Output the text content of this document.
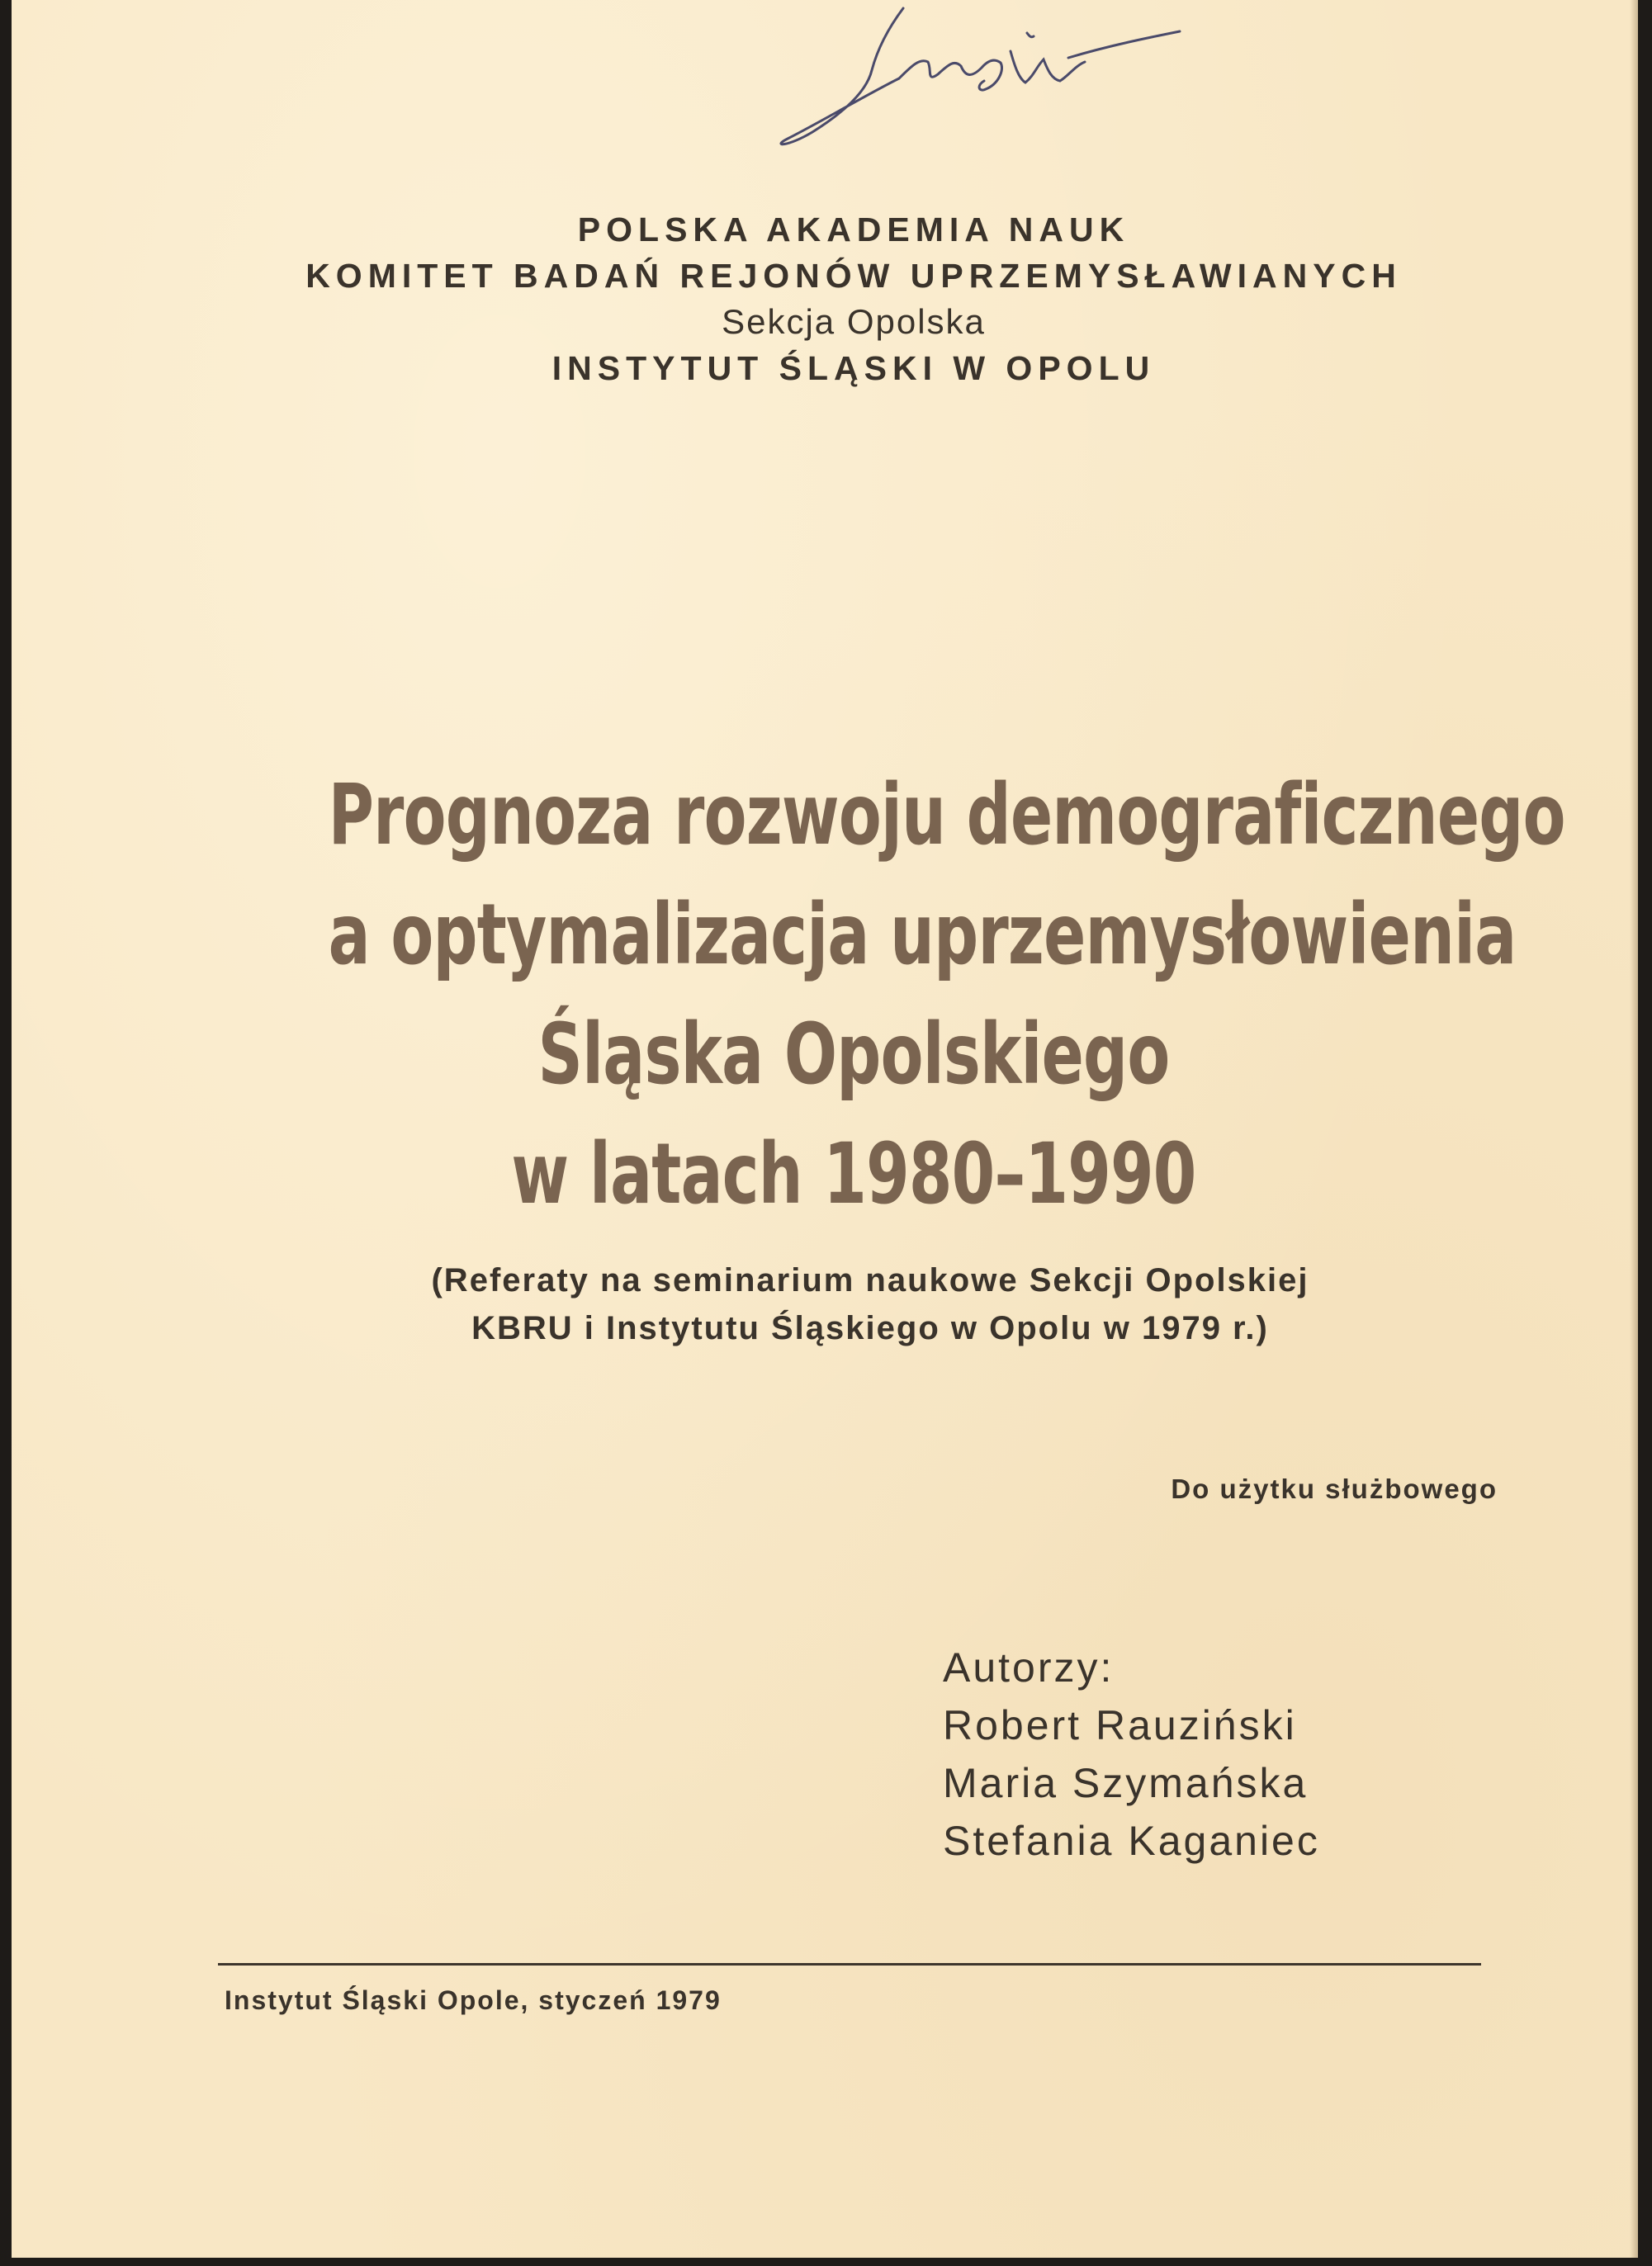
POLSKA AKADEMIA NAUK
KOMITET BADAŃ REJONÓW UPRZEMYSŁAWIANYCH
Sekcja Opolska
INSTYTUT ŚLĄSKI W OPOLU
Prognoza rozwoju demograficznego
a optymalizacja uprzemysłowienia
Śląska Opolskiego
w latach 1980–1990
(Referaty na seminarium naukowe Sekcji Opolskiej
KBRU i Instytutu Śląskiego w Opolu w 1979 r.)
Do użytku służbowego
Autorzy:
Robert Rauziński
Maria Szymańska
Stefania Kaganiec
Instytut Śląski Opole, styczeń 1979
